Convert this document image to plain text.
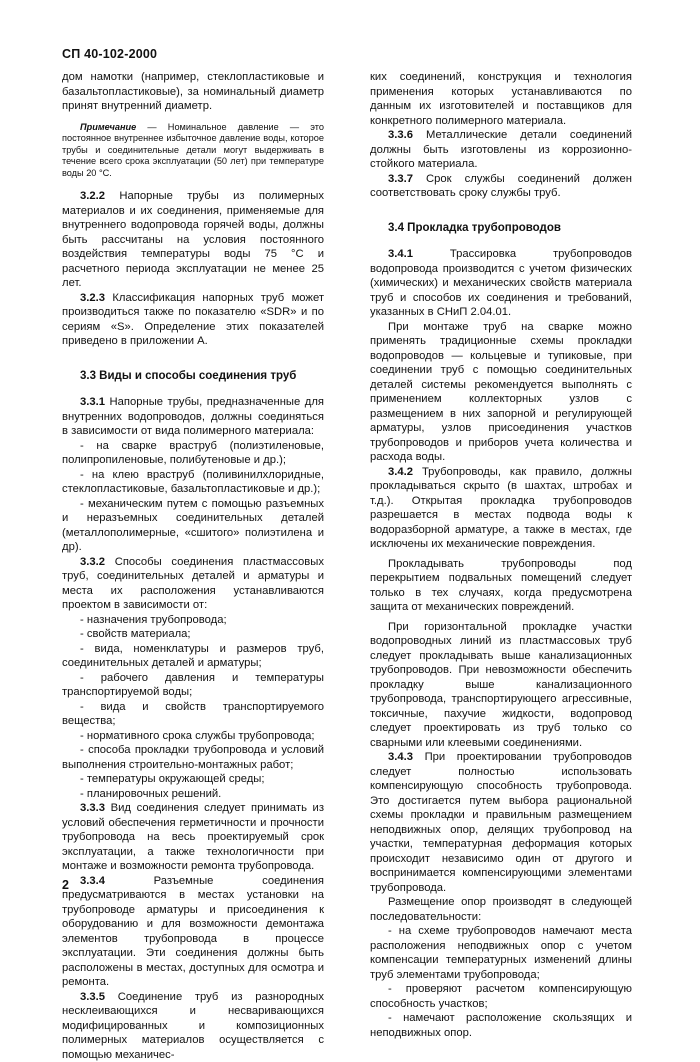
СП 40-102-2000

дом намотки (например, стеклопластиковые и базальтопластиковые), за номинальный диаметр принят внутренний диаметр.

Примечание — Номинальное давление — это постоянное внутреннее избыточное давление воды, которое трубы и соединительные детали могут выдерживать в течение всего срока эксплуатации (50 лет) при температуре воды 20 °С.

3.2.2 Напорные трубы из полимерных материалов и их соединения, применяемые для внутреннего водопровода горячей воды, должны быть рассчитаны на условия постоянного воздействия температуры воды 75 °С и расчетного периода эксплуатации не менее 25 лет.

3.2.3 Классификация напорных труб может производиться также по показателю «SDR» и по сериям «S». Определение этих показателей приведено в приложении А.

3.3 Виды и способы соединения труб

3.3.1 Напорные трубы, предназначенные для внутренних водопроводов, должны соединяться в зависимости от вида полимерного материала:

- на сварке враструб (полиэтиленовые, полипропиленовые, полибутеновые и др.);

- на клею враструб (поливинилхлоридные, стеклопластиковые, базальтопластиковые и др.);

- механическим путем с помощью разъемных и неразъемных соединительных деталей (металлополимерные, «сшитого» полиэтилена и др).

3.3.2 Способы соединения пластмассовых труб, соединительных деталей и арматуры и места их расположения устанавливаются проектом в зависимости от:

- назначения трубопровода;

- свойств материала;

- вида, номенклатуры и размеров труб, соединительных деталей и арматуры;

- рабочего давления и температуры транспортируемой воды;

- вида и свойств транспортируемого вещества;

- нормативного срока службы трубопровода;

- способа прокладки трубопровода и условий выполнения строительно-монтажных работ;

- температуры окружающей среды;

- планировочных решений.

3.3.3 Вид соединения следует принимать из условий обеспечения герметичности и прочности трубопровода на весь проектируемый срок эксплуатации, а также технологичности при монтаже и возможности ремонта трубопровода.

3.3.4 Разъемные соединения предусматриваются в местах установки на трубопроводе арматуры и присоединения к оборудованию и для возможности демонтажа элементов трубопровода в процессе эксплуатации. Эти соединения должны быть расположены в местах, доступных для осмотра и ремонта.

3.3.5 Соединение труб из разнородных несклеивающихся и несваривающихся модифицированных и композиционных полимерных материалов осуществляется с помощью механичес-

ких соединений, конструкция и технология применения которых устанавливаются по данным их изготовителей и поставщиков для конкретного полимерного материала.

3.3.6 Металлические детали соединений должны быть изготовлены из коррозионно-стойкого материала.

3.3.7 Срок службы соединений должен соответствовать сроку службы труб.

3.4 Прокладка трубопроводов

3.4.1 Трассировка трубопроводов водопровода производится с учетом физических (химических) и механических свойств материала труб и способов их соединения и требований, указанных в СНиП 2.04.01.

При монтаже труб на сварке можно применять традиционные схемы прокладки водопроводов — кольцевые и тупиковые, при соединении труб с помощью соединительных деталей системы рекомендуется выполнять с применением коллекторных узлов с размещением в них запорной и регулирующей арматуры, узлов присоединения участков трубопроводов и приборов учета количества и расхода воды.

3.4.2 Трубопроводы, как правило, должны прокладываться скрыто (в шахтах, штробах и т.д.). Открытая прокладка трубопроводов разрешается в местах подвода воды к водоразборной арматуре, а также в местах, где исключены их механические повреждения.

Прокладывать трубопроводы под перекрытием подвальных помещений следует только в тех случаях, когда предусмотрена защита от механических повреждений.

При горизонтальной прокладке участки водопроводных линий из пластмассовых труб следует прокладывать выше канализационных трубопроводов. При невозможности обеспечить прокладку выше канализационного трубопровода, транспортирующего агрессивные, токсичные, пахучие жидкости, водопровод следует проектировать из труб только со сварными или клеевыми соединениями.

3.4.3 При проектировании трубопроводов следует полностью использовать компенсирующую способность трубопровода. Это достигается путем выбора рациональной схемы прокладки и правильным размещением неподвижных опор, делящих трубопровод на участки, температурная деформация которых происходит независимо один от другого и воспринимается компенсирующими элементами трубопровода.

Размещение опор производят в следующей последовательности:

- на схеме трубопроводов намечают места расположения неподвижных опор с учетом компенсации температурных изменений длины труб элементами трубопровода;

- проверяют расчетом компенсирующую способность участков;

- намечают расположение скользящих и неподвижных опор.

2
